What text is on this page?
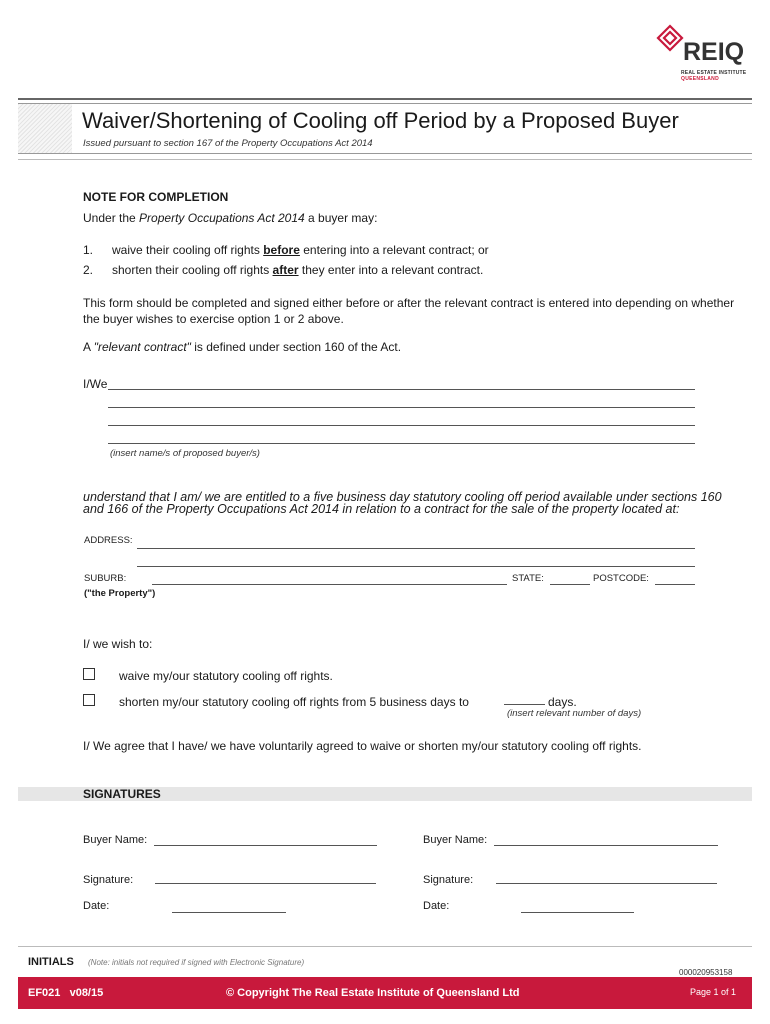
REIQ
REAL ESTATE INSTITUTE
QUEENSLAND
Waiver/Shortening of Cooling off Period by a Proposed Buyer
Issued pursuant to section 167 of the Property Occupations Act 2014
NOTE FOR COMPLETION
Under the Property Occupations Act 2014 a buyer may:
1. waive their cooling off rights before entering into a relevant contract; or
2. shorten their cooling off rights after they enter into a relevant contract.
This form should be completed and signed either before or after the relevant contract is entered into depending on whether the buyer wishes to exercise option 1 or 2 above.
A "relevant contract" is defined under section 160 of the Act.
I/We
(insert name/s of proposed buyer/s)
understand that I am/ we are entitled to a five business day statutory cooling off period available under sections 160 and 166 of the Property Occupations Act 2014 in relation to a contract for the sale of the property located at:
ADDRESS:
SUBURB:	STATE:	POSTCODE:
("the Property")
I/ we wish to:
waive my/our statutory cooling off rights.
shorten my/our statutory cooling off rights from 5 business days to	days.
(insert relevant number of days)
I/ We agree that I have/ we have voluntarily agreed to waive or shorten my/our statutory cooling off rights.
SIGNATURES
Buyer Name:	Buyer Name:
Signature:	Signature:
Date:	Date:
INITIALS (Note: initials not required if signed with Electronic Signature)
000020953158
EF021   v08/15	© Copyright The Real Estate Institute of Queensland Ltd	Page 1 of 1
